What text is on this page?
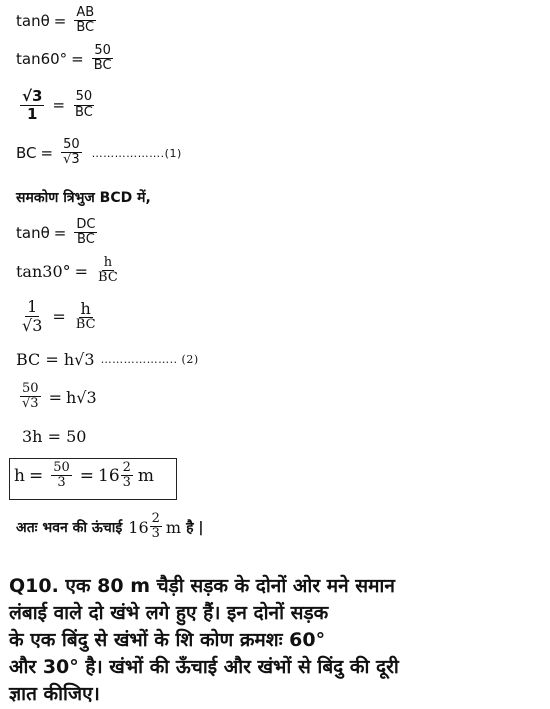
$\tan\theta = \frac{AB}{BC}$
$\tan 60^\circ = \frac{50}{BC}$
$\frac{√3}{1} = \frac{50}{BC}$
BC = $\frac{50}{√3}$ ……………….(1)
समकोण त्रिभुज BCD में,
$\tan\theta = \frac{DC}{BC}$
$\tan 30^\circ = \frac{h}{BC}$
$\frac{1}{√3} = \frac{h}{BC}$
BC = h√3 ……………….. (2)
$\frac{50}{√3} = h√3$
3h = 50
$h = \frac{50}{3} = 16 \frac{2}{3}$ m
अतः भवन की ऊंचाई $16 \frac{2}{3}$ m है |
Q10. एक 80 m चैड़ी सड़क के दोनों ओर मने समान
लंबाई वाले दो खंभे लगे हुए हैं। इन दोनों सड़क
के एक बिंदु से खंभों के शि कोण क्रमशः 60°
और 30° है। खंभों की ऊँचाई और खंभों से बिंदु की दूरी
ज्ञात कीजिए।
